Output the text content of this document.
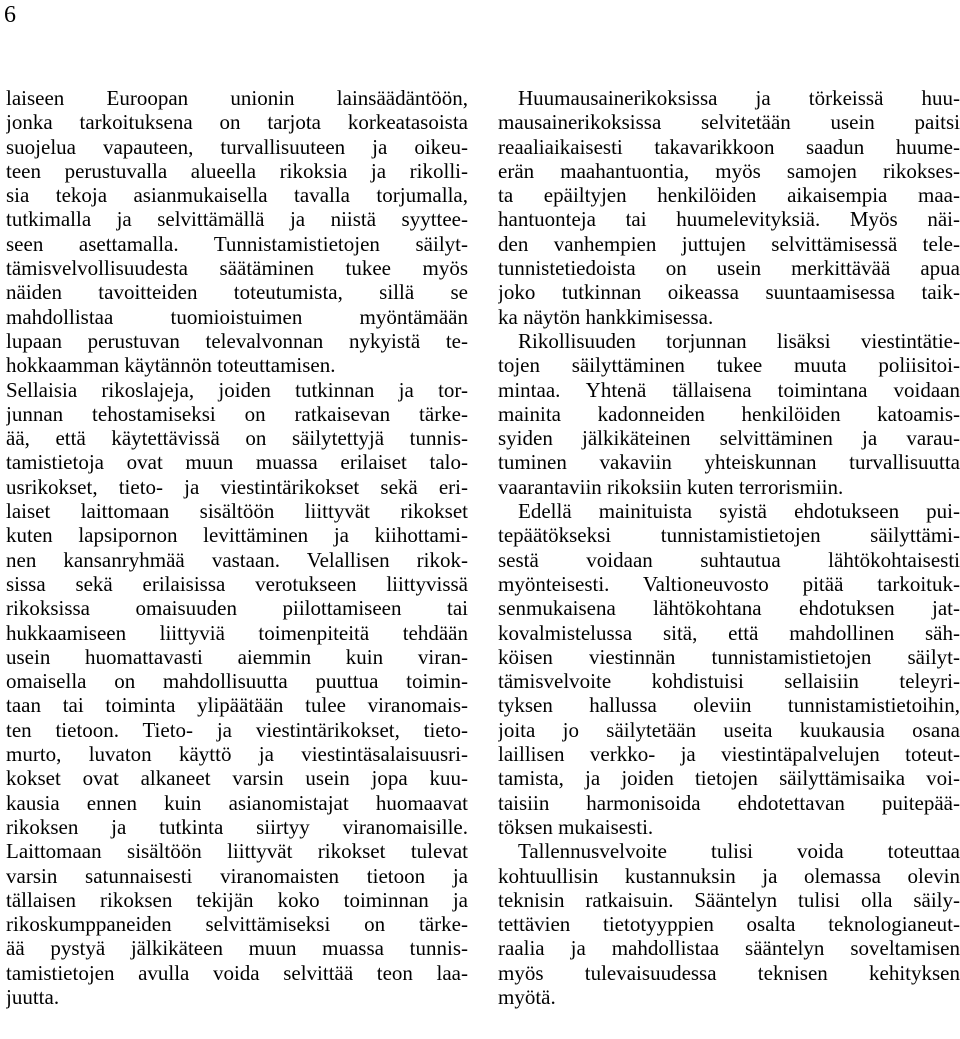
6
laiseen Euroopan unionin lainsäädäntöön,
jonka tarkoituksena on tarjota korkeatasoista
suojelua vapauteen, turvallisuuteen ja oikeu-
teen perustuvalla alueella rikoksia ja rikolli-
sia tekoja asianmukaisella tavalla torjumalla,
tutkimalla ja selvittämällä ja niistä syyttee-
seen asettamalla. Tunnistamistietojen säilyt-
tämisvelvollisuudesta säätäminen tukee myös
näiden tavoitteiden toteutumista, sillä se
mahdollistaa tuomioistuimen myöntämään
lupaan perustuvan televalvonnan nykyistä te-
hokkaamman käytännön toteuttamisen.
Sellaisia rikoslajeja, joiden tutkinnan ja tor-
junnan tehostamiseksi on ratkaisevan tärke-
ää, että käytettävissä on säilytettyjä tunnis-
tamistietoja ovat muun muassa erilaiset talo-
usrikokset, tieto- ja viestintärikokset sekä eri-
laiset laittomaan sisältöön liittyvät rikokset
kuten lapsipornon levittäminen ja kiihottami-
nen kansanryhmää vastaan. Velallisen rikok-
sissa sekä erilaisissa verotukseen liittyvissä
rikoksissa omaisuuden piilottamiseen tai
hukkaamiseen liittyviä toimenpiteitä tehdään
usein huomattavasti aiemmin kuin viran-
omaisella on mahdollisuutta puuttua toimin-
taan tai toiminta ylipäätään tulee viranomais-
ten tietoon. Tieto- ja viestintärikokset, tieto-
murto, luvaton käyttö ja viestintäsalaisuusri-
kokset ovat alkaneet varsin usein jopa kuu-
kausia ennen kuin asianomistajat huomaavat
rikoksen ja tutkinta siirtyy viranomaisille.
Laittomaan sisältöön liittyvät rikokset tulevat
varsin satunnaisesti viranomaisten tietoon ja
tällaisen rikoksen tekijän koko toiminnan ja
rikoskumppaneiden selvittämiseksi on tärke-
ää pystyä jälkikäteen muun muassa tunnis-
tamistietojen avulla voida selvittää teon laa-
juutta.
Huumausainerikoksissa ja törkeissä huu-
mausainerikoksissa selvitetään usein paitsi
reaaliaikaisesti takavarikkoon saadun huume-
erän maahantuontia, myös samojen rikokses-
ta epäiltyjen henkilöiden aikaisempia maa-
hantuonteja tai huumelevityksiä. Myös näi-
den vanhempien juttujen selvittämisessä tele-
tunnistetiedoista on usein merkittävää apua
joko tutkinnan oikeassa suuntaamisessa taik-
ka näytön hankkimisessa.
Rikollisuuden torjunnan lisäksi viestintätie-
tojen säilyttäminen tukee muuta poliisitoi-
mintaa. Yhtenä tällaisena toimintana voidaan
mainita kadonneiden henkilöiden katoamis-
syiden jälkikäteinen selvittäminen ja varau-
tuminen vakaviin yhteiskunnan turvallisuutta
vaarantaviin rikoksiin kuten terrorismiin.
Edellä mainituista syistä ehdotukseen pui-
tepäätökseksi tunnistamistietojen säilyttämi-
sestä voidaan suhtautua lähtökohtaisesti
myönteisesti. Valtioneuvosto pitää tarkoituk-
senmukaisena lähtökohtana ehdotuksen jat-
kovalmistelussa sitä, että mahdollinen säh-
köisen viestinnän tunnistamistietojen säilyt-
tämisvelvoite kohdistuisi sellaisiin teleyri-
tyksen hallussa oleviin tunnistamistietoihin,
joita jo säilytetään useita kuukausia osana
laillisen verkko- ja viestintäpalvelujen toteut-
tamista, ja joiden tietojen säilyttämisaika voi-
taisiin harmonisoida ehdotettavan puitepää-
töksen mukaisesti.
Tallennusvelvoite tulisi voida toteuttaa
kohtuullisin kustannuksin ja olemassa olevin
teknisin ratkaisuin. Sääntelyn tulisi olla säily-
tettävien tietotyyppien osalta teknologianeut-
raalia ja mahdollistaa sääntelyn soveltamisen
myös tulevaisuudessa teknisen kehityksen
myötä.
